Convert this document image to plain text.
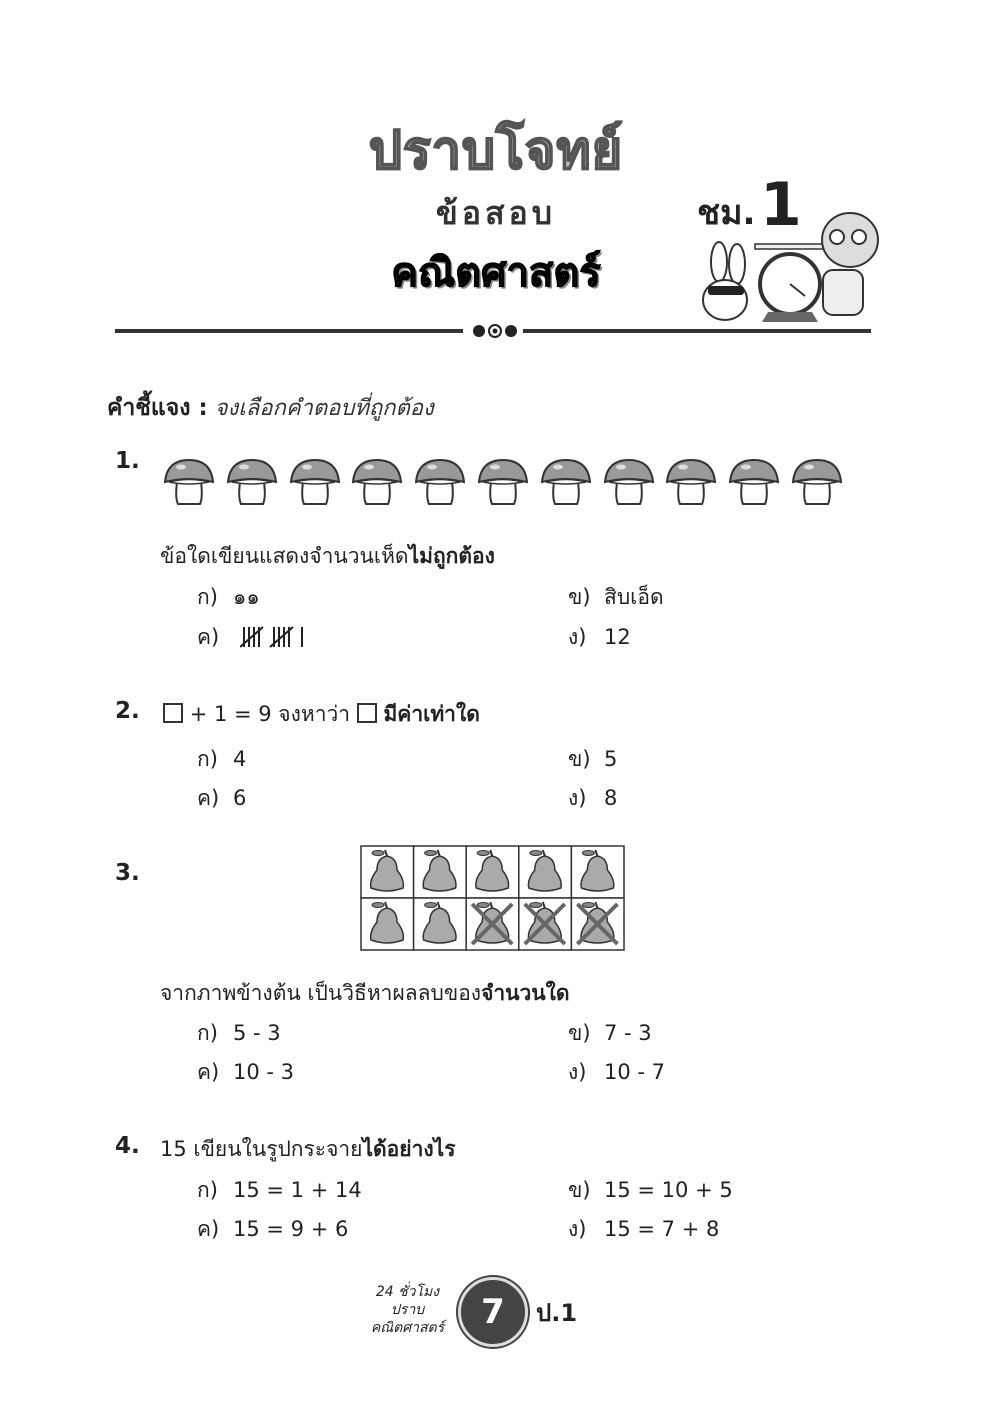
ปราบโจทย์
ข้อสอบ
คณิตศาสตร์
ชม. 1
คำชี้แจง : จงเลือกคำตอบที่ถูกต้อง
1.
ข้อใดเขียนแสดงจำนวนเห็ดไม่ถูกต้อง
ก) ๑๑	ข) สิบเอ็ด
ค)	ง) 12
2.	+ 1 = 9 จงหาว่า มีค่าเท่าใด
ก) 4	ข) 5
ค) 6	ง) 8
3.
จากภาพข้างต้น เป็นวิธีหาผลลบของจำนวนใด
ก) 5 - 3	ข) 7 - 3
ค) 10 - 3	ง) 10 - 7
4. 15 เขียนในรูปกระจายได้อย่างไร
ก) 15 = 1 + 14	ข) 15 = 10 + 5
ค) 15 = 9 + 6	ง) 15 = 7 + 8
24 ชั่วโมง
ปราบ
คณิตศาสตร์	7	ป.1
